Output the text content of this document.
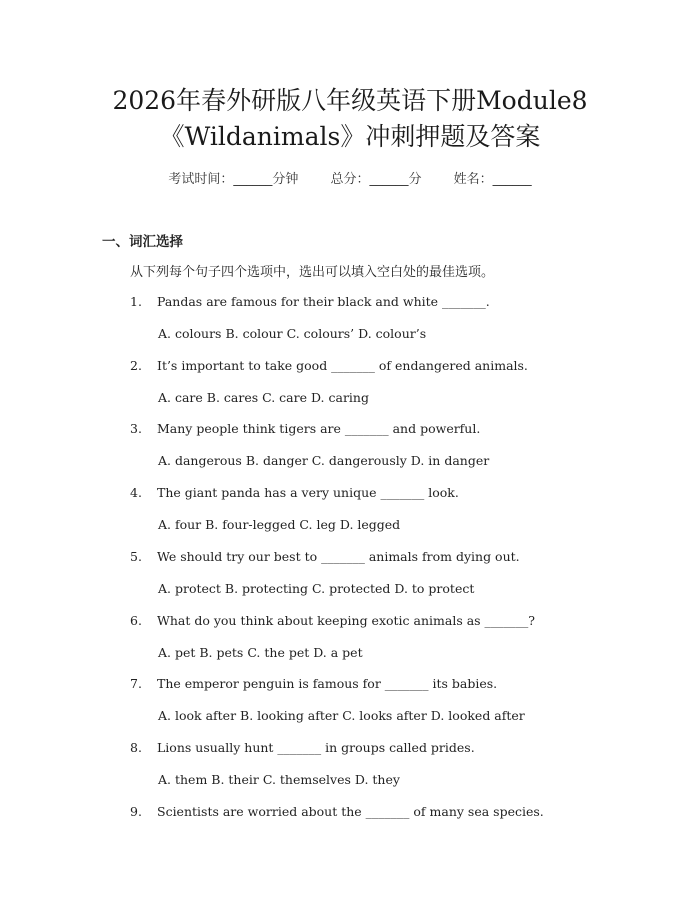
2026年春外研版八年级英语下册Module8
《Wildanimals》冲刺押题及答案
考试时间：______分钟 总分：______分 姓名：______
一、词汇选择
从下列每个句子四个选项中，选出可以填入空白处的最佳选项。
1. Pandas are famous for their black and white _______.
A. colours B. colour C. colours’ D. colour’s
2. It’s important to take good _______ of endangered animals.
A. care B. cares C. care D. caring
3. Many people think tigers are _______ and powerful.
A. dangerous B. danger C. dangerously D. in danger
4. The giant panda has a very unique _______ look.
A. four B. four-legged C. leg D. legged
5. We should try our best to _______ animals from dying out.
A. protect B. protecting C. protected D. to protect
6. What do you think about keeping exotic animals as _______?
A. pet B. pets C. the pet D. a pet
7. The emperor penguin is famous for _______ its babies.
A. look after B. looking after C. looks after D. looked after
8. Lions usually hunt _______ in groups called prides.
A. them B. their C. themselves D. they
9. Scientists are worried about the _______ of many sea species.
